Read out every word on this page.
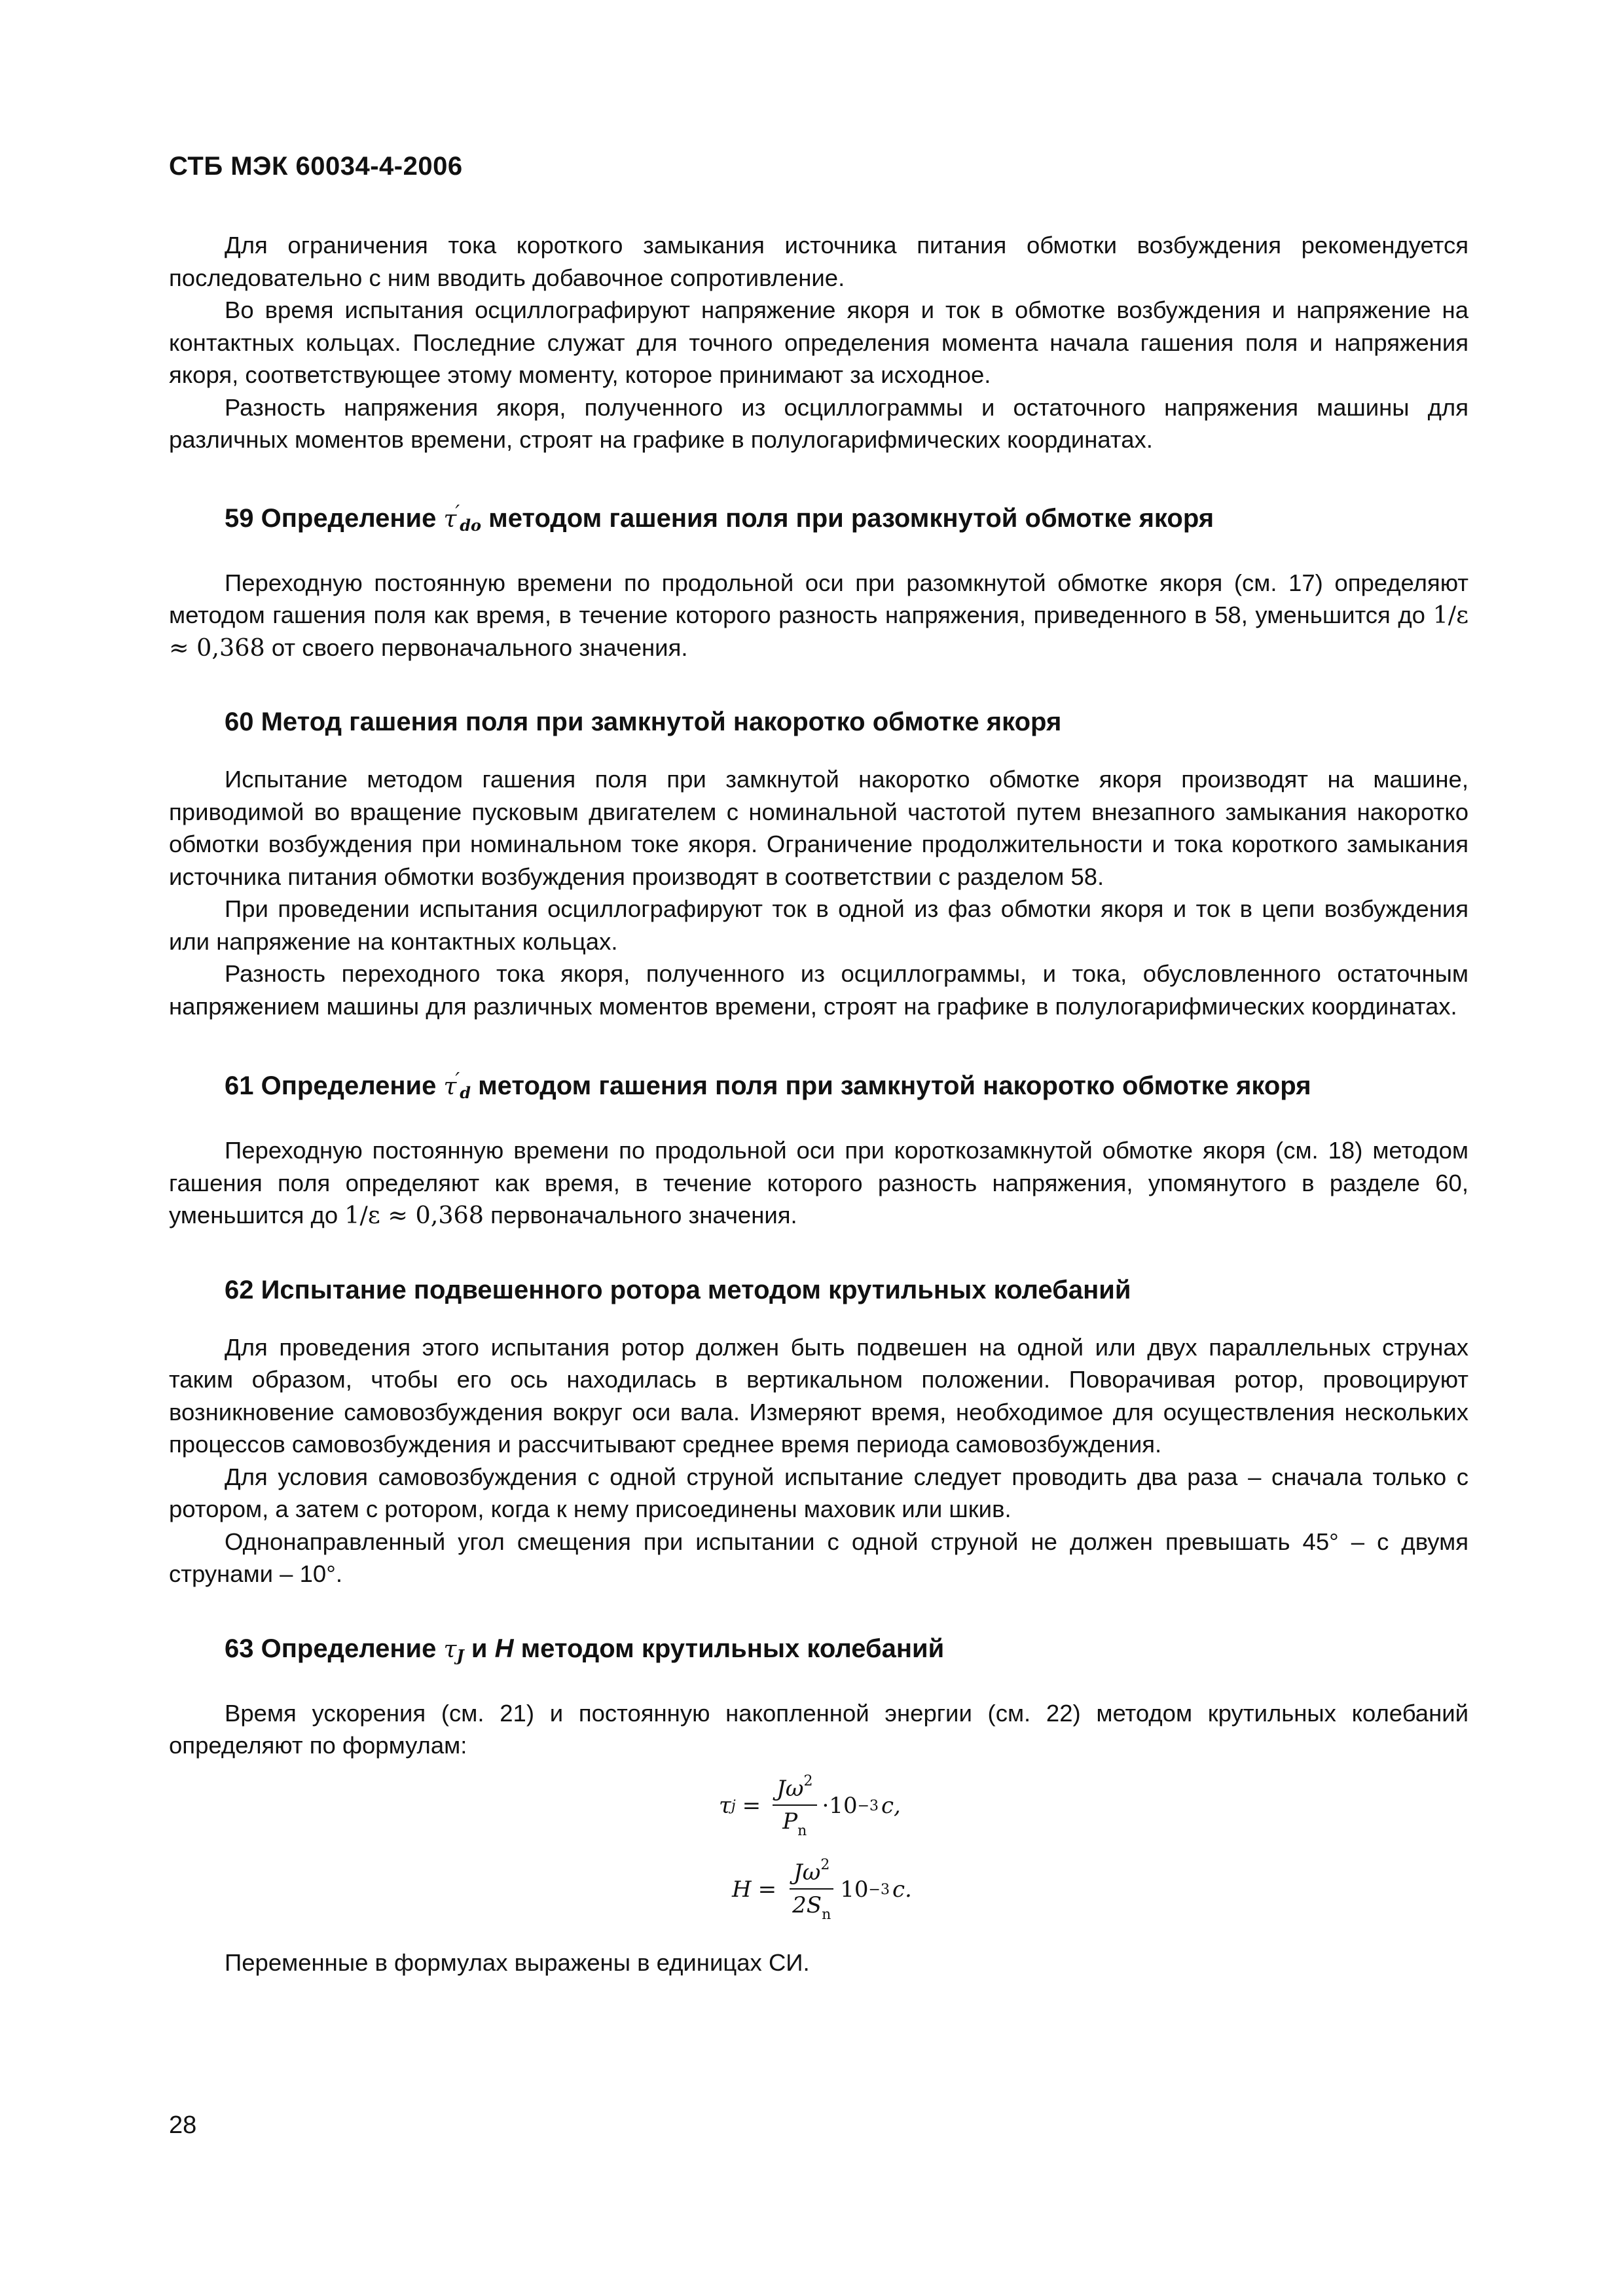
СТБ МЭК 60034-4-2006

Для ограничения тока короткого замыкания источника питания обмотки возбуждения рекомендуется последовательно с ним вводить добавочное сопротивление.

Во время испытания осциллографируют напряжение якоря и ток в обмотке возбуждения и напряжение на контактных кольцах. Последние служат для точного определения момента начала гашения поля и напряжения якоря, соответствующее этому моменту, которое принимают за исходное.

Разность напряжения якоря, полученного из осциллограммы и остаточного напряжения машины для различных моментов времени, строят на графике в полулогарифмических координатах.

59 Определение τ′do методом гашения поля при разомкнутой обмотке якоря

Переходную постоянную времени по продольной оси при разомкнутой обмотке якоря (см. 17) определяют методом гашения поля как время, в течение которого разность напряжения, приведенного в 58, уменьшится до 1/ε ≈ 0,368 от своего первоначального значения.

60 Метод гашения поля при замкнутой накоротко обмотке якоря

Испытание методом гашения поля при замкнутой накоротко обмотке якоря производят на машине, приводимой во вращение пусковым двигателем с номинальной частотой путем внезапного замыкания накоротко обмотки возбуждения при номинальном токе якоря. Ограничение продолжительности и тока короткого замыкания источника питания обмотки возбуждения производят в соответствии с разделом 58.

При проведении испытания осциллографируют ток в одной из фаз обмотки якоря и ток в цепи возбуждения или напряжение на контактных кольцах.

Разность переходного тока якоря, полученного из осциллограммы, и тока, обусловленного остаточным напряжением машины для различных моментов времени, строят на графике в полулогарифмических координатах.

61 Определение τ′d методом гашения поля при замкнутой накоротко обмотке якоря

Переходную постоянную времени по продольной оси при короткозамкнутой обмотке якоря (см. 18) методом гашения поля определяют как время, в течение которого разность напряжения, упомянутого в разделе 60, уменьшится до 1/ε ≈ 0,368 первоначального значения.

62 Испытание подвешенного ротора методом крутильных колебаний

Для проведения этого испытания ротор должен быть подвешен на одной или двух параллельных струнах таким образом, чтобы его ось находилась в вертикальном положении. Поворачивая ротор, провоцируют возникновение самовозбуждения вокруг оси вала. Измеряют время, необходимое для осуществления нескольких процессов самовозбуждения и рассчитывают среднее время периода самовозбуждения.

Для условия самовозбуждения с одной струной испытание следует проводить два раза – сначала только с ротором, а затем с ротором, когда к нему присоединены маховик или шкив.

Однонаправленный угол смещения при испытании с одной струной не должен превышать 45° – с двумя струнами – 10°.

63 Определение τJ и H методом крутильных колебаний

Время ускорения (см. 21) и постоянную накопленной энергии (см. 22) методом крутильных колебаний определяют по формулам:

τ $j = \frac{J\omega^2}{P_n} \cdot 10 -3$ c,
$H = \frac{J\omega^2}{2S_n} 10 -3$ c.

Переменные в формулах выражены в единицах СИ.

28
